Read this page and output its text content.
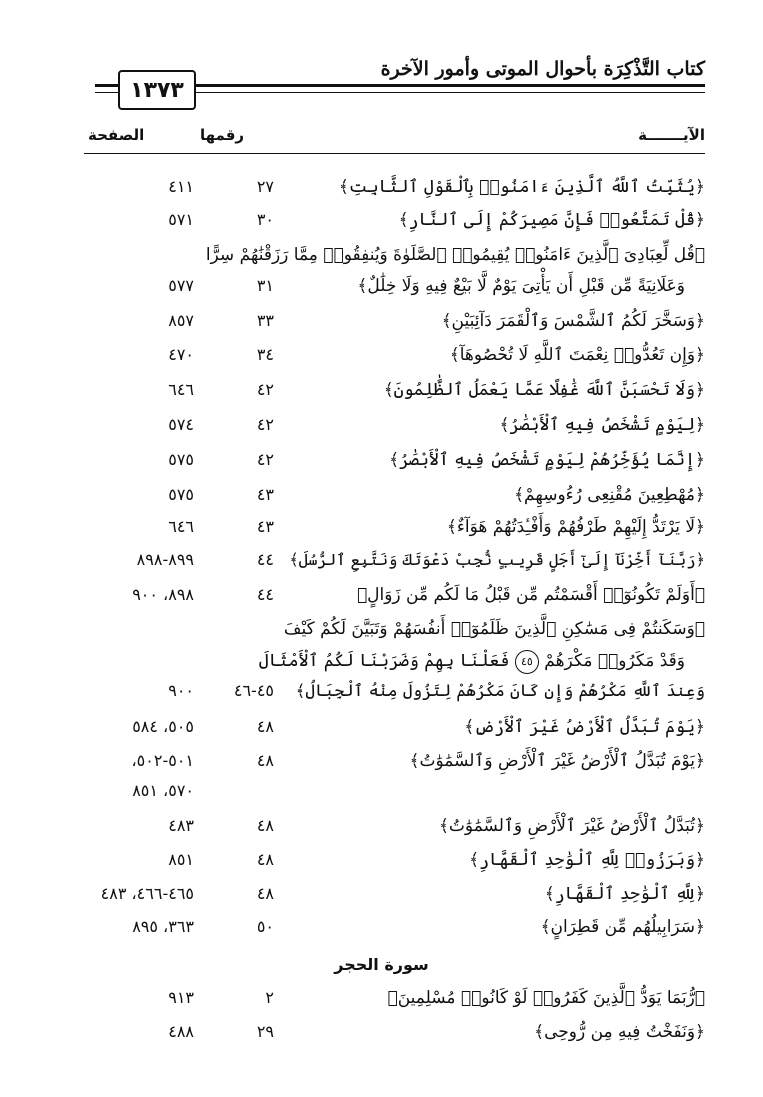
كتاب التَّذْكِرَة بأحوال الموتى وأمور الآخرة
١٣٧٣
الآيـــــــة
رقمها
الصفحة
﴿يُثَبِّتُ ٱللَّهُ ٱلَّذِينَ ءَامَنُوا۟ بِٱلْقَوْلِ ٱلثَّابِتِ﴾
٢٧
٤١١
﴿قُلْ تَمَتَّعُوا۟ فَإِنَّ مَصِيرَكُمْ إِلَى ٱلنَّارِ﴾
٣٠
٥٧١
﴿قُل لِّعِبَادِىَ ٱلَّذِينَ ءَامَنُوا۟ يُقِيمُوا۟ ٱلصَّلَوٰةَ وَيُنفِقُوا۟ مِمَّا رَزَقْنَٰهُمْ سِرًّا
وَعَلَانِيَةً مِّن قَبْلِ أَن يَأْتِىَ يَوْمٌ لَّا بَيْعٌ فِيهِ وَلَا خِلَٰلٌ﴾
٣١
٥٧٧
﴿وَسَخَّرَ لَكُمُ ٱلشَّمْسَ وَٱلْقَمَرَ دَآئِبَيْنِ﴾
٣٣
٨٥٧
﴿وَإِن تَعُدُّوا۟ نِعْمَتَ ٱللَّهِ لَا تُحْصُوهَآ﴾
٣٤
٤٧٠
﴿وَلَا تَحْسَبَنَّ ٱللَّهَ غَٰفِلًا عَمَّا يَعْمَلُ ٱلظَّٰلِمُونَ﴾
٤٢
٦٤٦
﴿لِيَوْمٍ تَشْخَصُ فِيهِ ٱلْأَبْصَٰرُ﴾
٤٢
٥٧٤
﴿إِنَّمَا يُؤَخِّرُهُمْ لِيَوْمٍ تَشْخَصُ فِيهِ ٱلْأَبْصَٰرُ﴾
٤٢
٥٧٥
﴿مُهْطِعِينَ مُقْنِعِى رُءُوسِهِمْ﴾
٤٣
٥٧٥
﴿لَا يَرْتَدُّ إِلَيْهِمْ طَرْفُهُمْ وَأَفْـِٔدَتُهُمْ هَوَآءٌ﴾
٤٣
٦٤٦
﴿رَبَّنَآ أَخِّرْنَآ إِلَىٰٓ أَجَلٍ قَرِيبٍ نُّجِبْ دَعْوَتَكَ وَنَتَّبِعِ ٱلرُّسُلَ﴾
٤٤
٨٩٩-٨٩٨
﴿أَوَلَمْ تَكُونُوٓا۟ أَقْسَمْتُم مِّن قَبْلُ مَا لَكُم مِّن زَوَالٍ﴾
٤٤
٨٩٨، ٩٠٠
﴿وَسَكَنتُمْ فِى مَسَٰكِنِ ٱلَّذِينَ ظَلَمُوٓا۟ أَنفُسَهُمْ وَتَبَيَّنَ لَكُمْ كَيْفَ
وَقَدْ مَكَرُوا۟ مَكْرَهُمْ ٤٥ فَعَلْنَا بِهِمْ وَضَرَبْنَا لَكُمُ ٱلْأَمْثَالَ
وَعِندَ ٱللَّهِ مَكْرُهُمْ وَإِن كَانَ مَكْرُهُمْ لِتَزُولَ مِنْهُ ٱلْجِبَالُ﴾
٤٥-٤٦
٩٠٠
﴿يَوْمَ تُبَدَّلُ ٱلْأَرْضُ غَيْرَ ٱلْأَرْضِ﴾
٤٨
٥٠٥، ٥٨٤
﴿يَوْمَ تُبَدَّلُ ٱلْأَرْضُ غَيْرَ ٱلْأَرْضِ وَٱلسَّمَٰوَٰتُ﴾
٤٨
٥٠١-٥٠٢،
٥٧٠، ٨٥١
﴿تُبَدَّلُ ٱلْأَرْضُ غَيْرَ ٱلْأَرْضِ وَٱلسَّمَٰوَٰتُ﴾
٤٨
٤٨٣
﴿وَبَرَزُوا۟ لِلَّهِ ٱلْوَٰحِدِ ٱلْقَهَّارِ﴾
٤٨
٨٥١
﴿لِلَّهِ ٱلْوَٰحِدِ ٱلْقَهَّارِ﴾
٤٨
٤٦٥-٤٦٦، ٤٨٣
﴿سَرَابِيلُهُم مِّن قَطِرَانٍ﴾
٥٠
٣٦٣، ٨٩٥
سورة الحجر
﴿رُّبَمَا يَوَدُّ ٱلَّذِينَ كَفَرُوا۟ لَوْ كَانُوا۟ مُسْلِمِينَ﴾
٢
٩١٣
﴿وَنَفَخْتُ فِيهِ مِن رُّوحِى﴾
٢٩
٤٨٨
